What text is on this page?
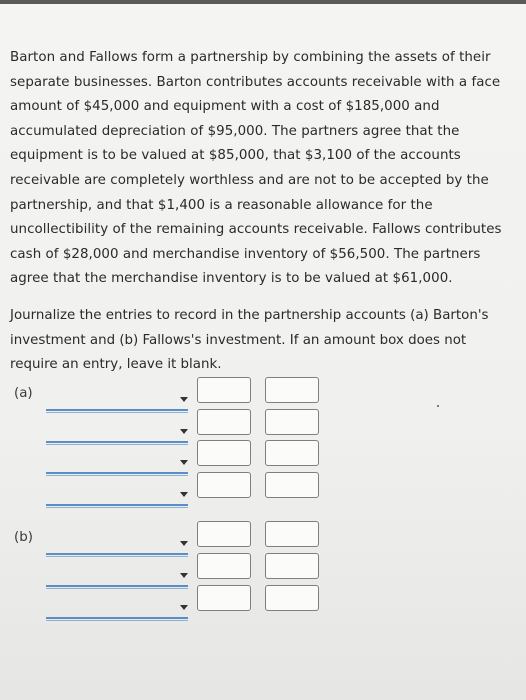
Barton and Fallows form a partnership by combining the assets of their separate businesses. Barton contributes accounts receivable with a face amount of $45,000 and equipment with a cost of $185,000 and accumulated depreciation of $95,000. The partners agree that the equipment is to be valued at $85,000, that $3,100 of the accounts receivable are completely worthless and are not to be accepted by the partnership, and that $1,400 is a reasonable allowance for the uncollectibility of the remaining accounts receivable. Fallows contributes cash of $28,000 and merchandise inventory of $56,500. The partners agree that the merchandise inventory is to be valued at $61,000.
Journalize the entries to record in the partnership accounts (a) Barton's investment and (b) Fallows's investment. If an amount box does not require an entry, leave it blank.
(a)
(b)
